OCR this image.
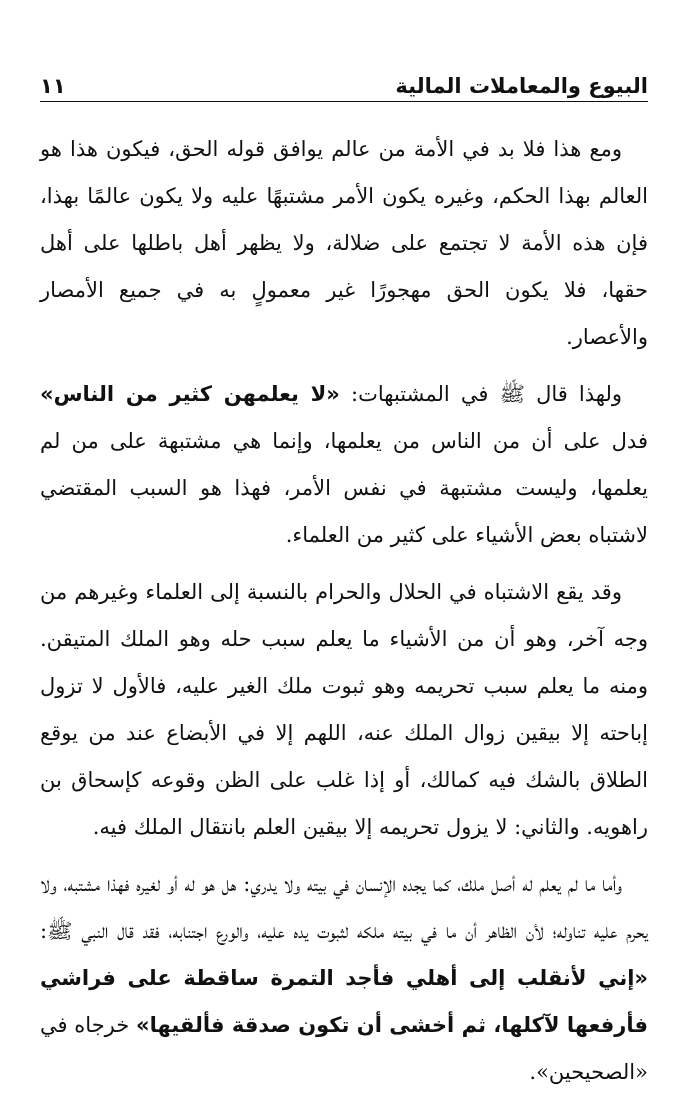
البيوع والمعاملات المالية
١١

ومع هذا فلا بد في الأمة من عالم يوافق قوله الحق، فيكون هذا هو العالم بهذا الحكم، وغيره يكون الأمر مشتبهًا عليه ولا يكون عالمًا بهذا، فإن هذه الأمة لا تجتمع على ضلالة، ولا يظهر أهل باطلها على أهل حقها، فلا يكون الحق مهجورًا غير معمولٍ به في جميع الأمصار والأعصار.

ولهذا قال ﷺ في المشتبهات: «لا يعلمهن كثير من الناس» فدل على أن من الناس من يعلمها، وإنما هي مشتبهة على من لم يعلمها، وليست مشتبهة في نفس الأمر، فهذا هو السبب المقتضي لاشتباه بعض الأشياء على كثير من العلماء.

وقد يقع الاشتباه في الحلال والحرام بالنسبة إلى العلماء وغيرهم من وجه آخر، وهو أن من الأشياء ما يعلم سبب حله وهو الملك المتيقن. ومنه ما يعلم سبب تحريمه وهو ثبوت ملك الغير عليه، فالأول لا تزول إباحته إلا بيقين زوال الملك عنه، اللهم إلا في الأبضاع عند من يوقع الطلاق بالشك فيه كمالك، أو إذا غلب على الظن وقوعه كإسحاق بن راهويه. والثاني: لا يزول تحريمه إلا بيقين العلم بانتقال الملك فيه.

وأما ما لم يعلم له أصل ملك، كما يجده الإنسان في بيته ولا يدري: هل هو له أو لغيره فهذا مشتبه، ولا يحرم عليه تناوله؛ لأن الظاهر أن ما في بيته ملكه لثبوت يده عليه، والورع اجتنابه، فقد قال النبي ﷺ: «إني لأنقلب إلى أهلي فأجد التمرة ساقطة على فراشي فأرفعها لآكلها، ثم أخشى أن تكون صدقة فألقيها» خرجاه في «الصحيحين».
